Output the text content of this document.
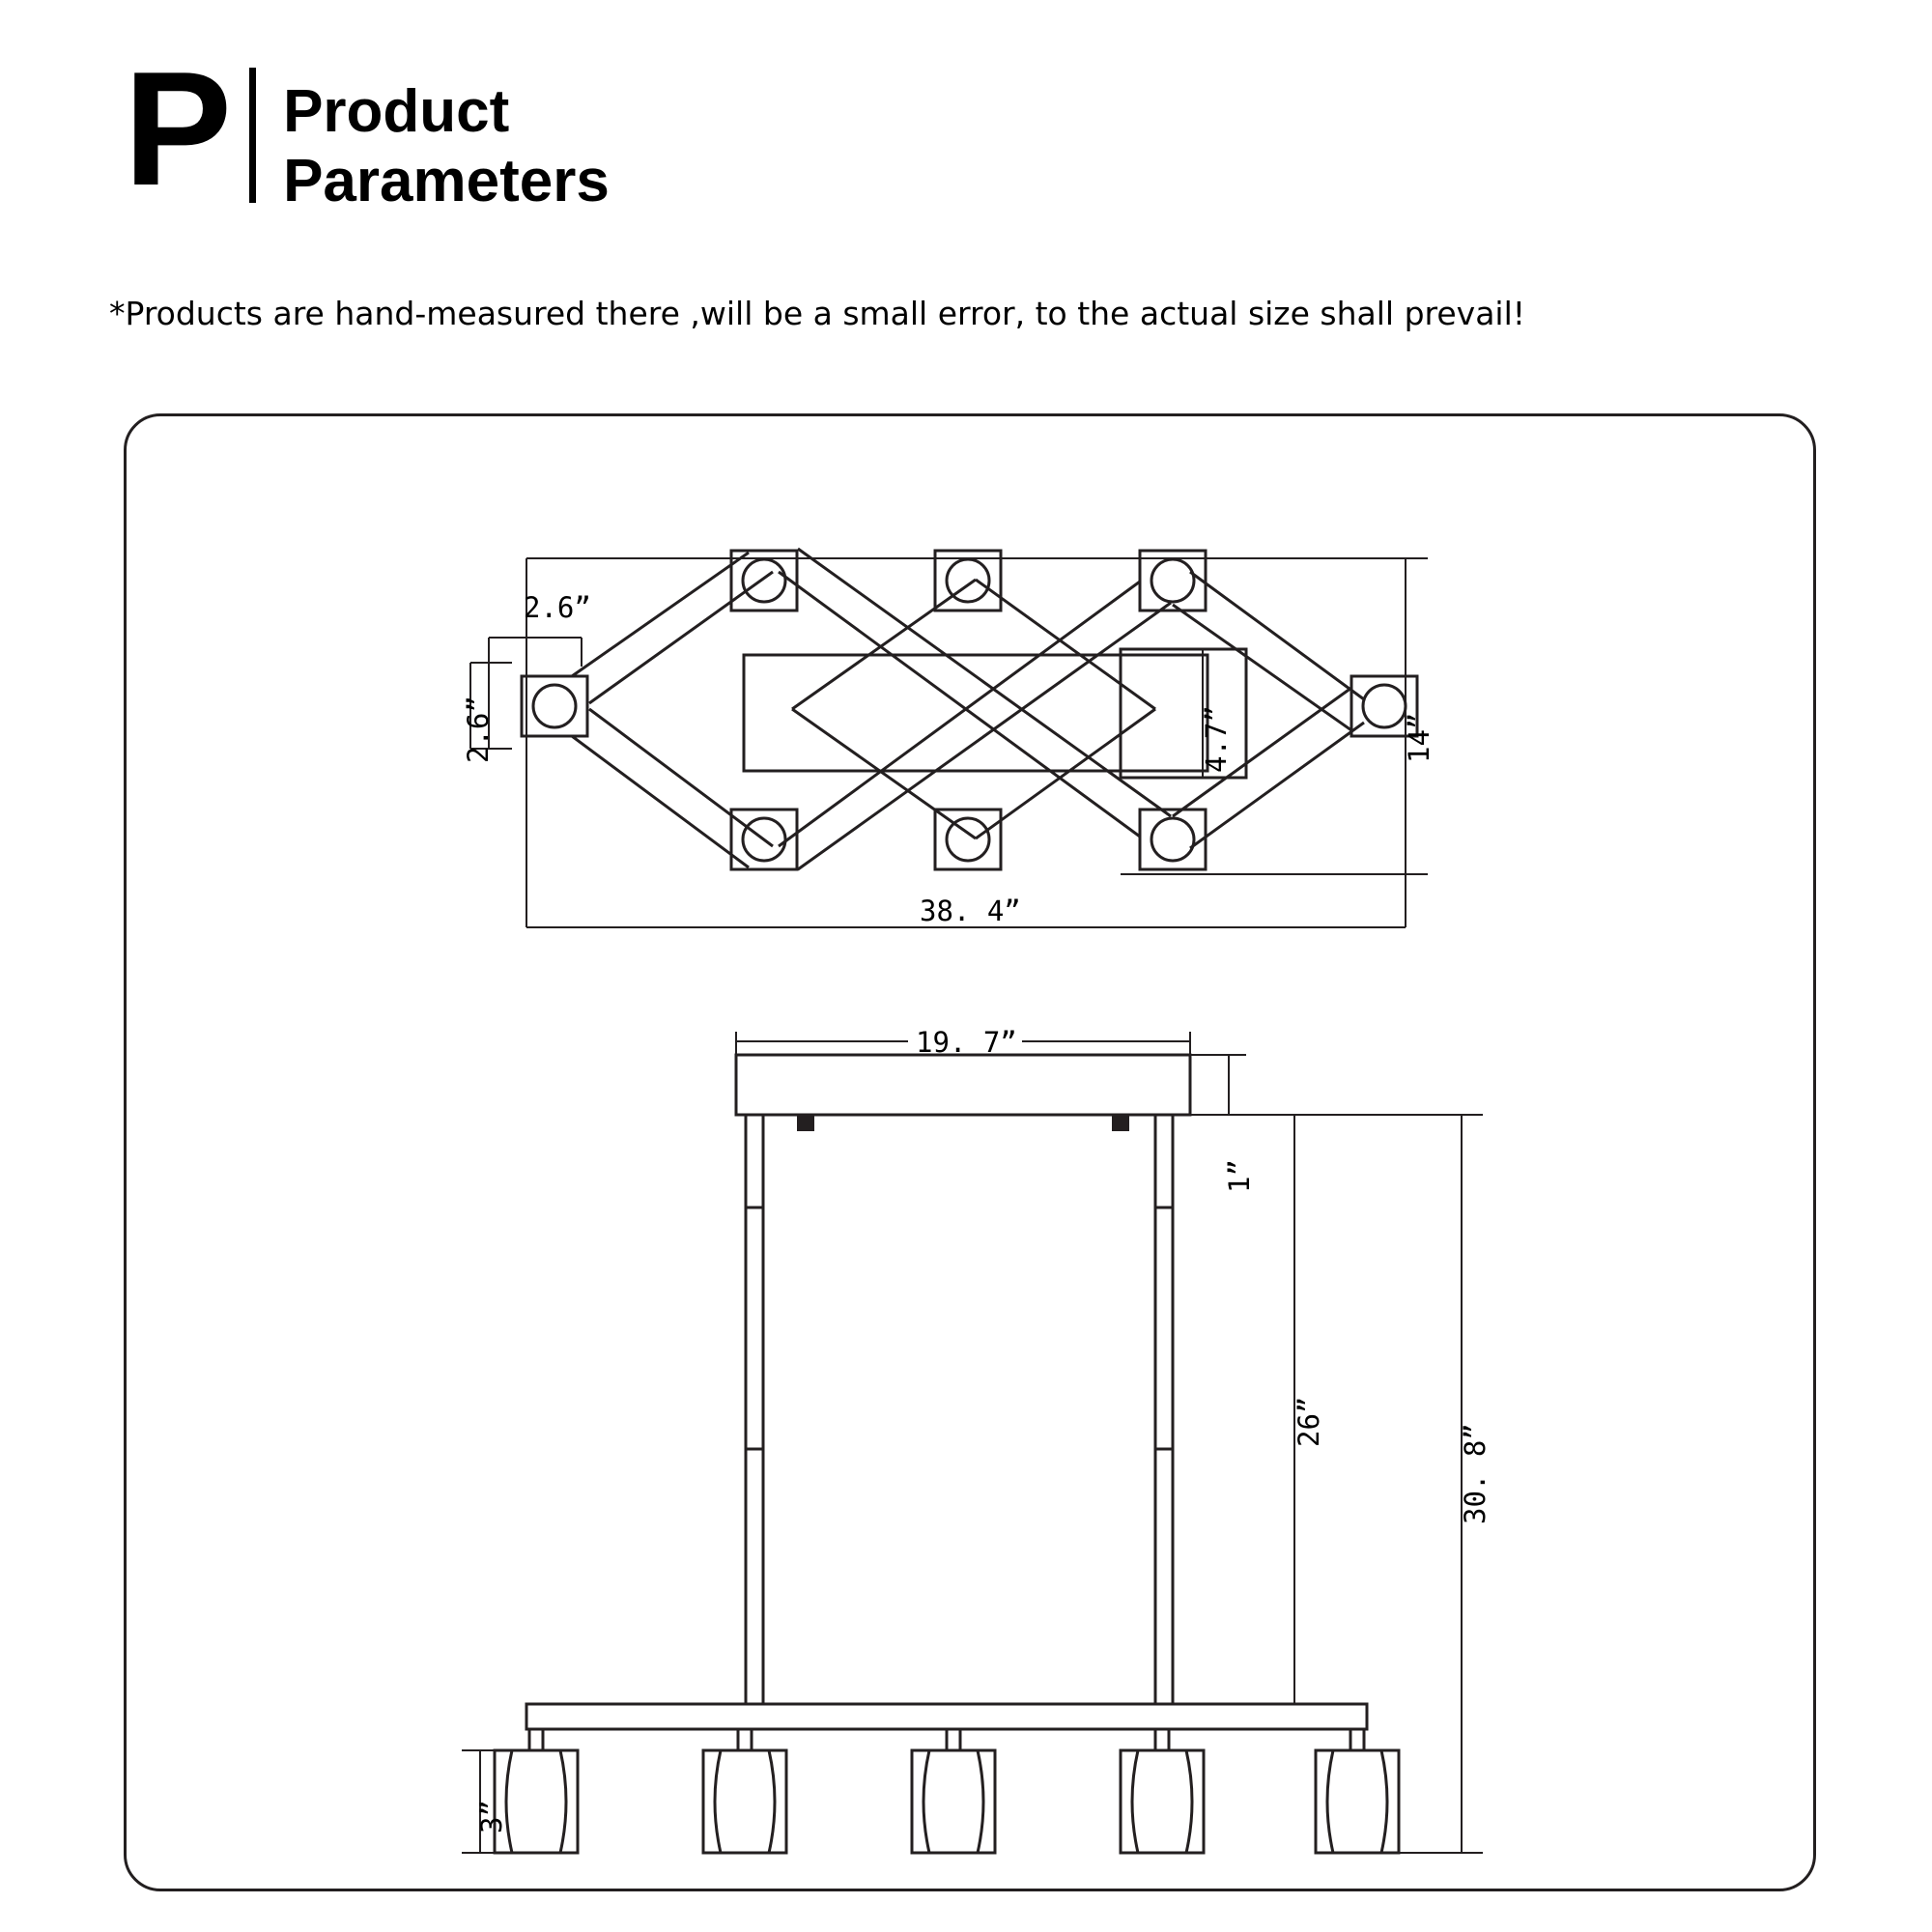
P Product
Parameters
*Products are hand-measured there ,will be a small error, to the actual size shall prevail!
2.6”
2.6”	4.7”	14”
38. 4”
19. 7”
1”
26”
30. 8”
3”
